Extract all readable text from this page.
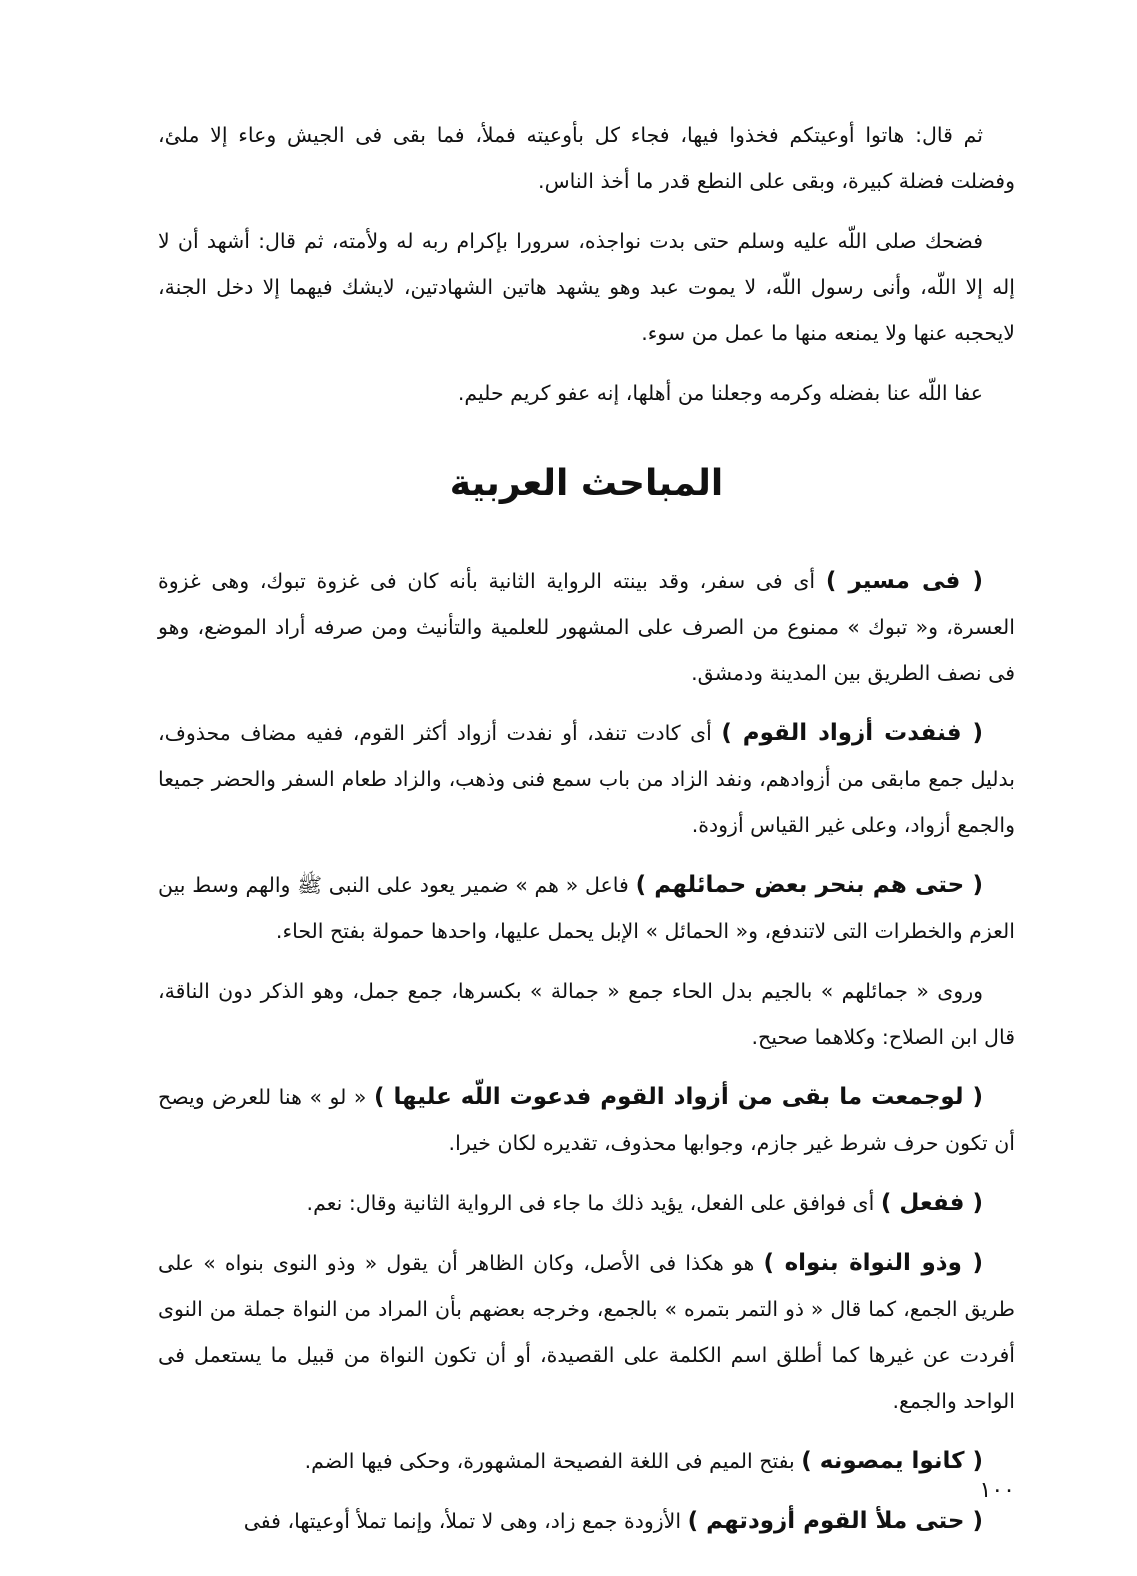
ثم قال: هاتوا أوعيتكم فخذوا فيها، فجاء كل بأوعيته فملأ، فما بقى فى الجيش وعاء إلا ملئ، وفضلت فضلة كبيرة، وبقى على النطع قدر ما أخذ الناس.

فضحك صلى اللّه عليه وسلم حتى بدت نواجذه، سرورا بإكرام ربه له ولأمته، ثم قال: أشهد أن لا إله إلا اللّه، وأنى رسول اللّه، لا يموت عبد وهو يشهد هاتين الشهادتين، لايشك فيهما إلا دخل الجنة، لايحجبه عنها ولا يمنعه منها ما عمل من سوء.

عفا اللّه عنا بفضله وكرمه وجعلنا من أهلها، إنه عفو كريم حليم.

المباحث العربية

( فى مسير ) أى فى سفر، وقد بينته الرواية الثانية بأنه كان فى غزوة تبوك، وهى غزوة العسرة، و« تبوك » ممنوع من الصرف على المشهور للعلمية والتأنيث ومن صرفه أراد الموضع، وهو فى نصف الطريق بين المدينة ودمشق.

( فنفدت أزواد القوم ) أى كادت تنفد، أو نفدت أزواد أكثر القوم، ففيه مضاف محذوف، بدليل جمع مابقى من أزوادهم، ونفد الزاد من باب سمع فنى وذهب، والزاد طعام السفر والحضر جميعا والجمع أزواد، وعلى غير القياس أزودة.

( حتى هم بنحر بعض حمائلهم ) فاعل « هم » ضمير يعود على النبى ﷺ والهم وسط بين العزم والخطرات التى لاتندفع، و« الحمائل » الإبل يحمل عليها، واحدها حمولة بفتح الحاء.

وروى « جمائلهم » بالجيم بدل الحاء جمع « جمالة » بكسرها، جمع جمل، وهو الذكر دون الناقة، قال ابن الصلاح: وكلاهما صحيح.

( لوجمعت ما بقى من أزواد القوم فدعوت اللّه عليها ) « لو » هنا للعرض ويصح أن تكون حرف شرط غير جازم، وجوابها محذوف، تقديره لكان خيرا.

( ففعل ) أى فوافق على الفعل، يؤيد ذلك ما جاء فى الرواية الثانية وقال: نعم.

( وذو النواة بنواه ) هو هكذا فى الأصل، وكان الظاهر أن يقول « وذو النوى بنواه » على طريق الجمع، كما قال « ذو التمر بتمره » بالجمع، وخرجه بعضهم بأن المراد من النواة جملة من النوى أفردت عن غيرها كما أطلق اسم الكلمة على القصيدة، أو أن تكون النواة من قبيل ما يستعمل فى الواحد والجمع.

( كانوا يمصونه ) بفتح الميم فى اللغة الفصيحة المشهورة، وحكى فيها الضم.

( حتى ملأ القوم أزودتهم ) الأزودة جمع زاد، وهى لا تملأ، وإنما تملأ أوعيتها، ففى

١٠٠
